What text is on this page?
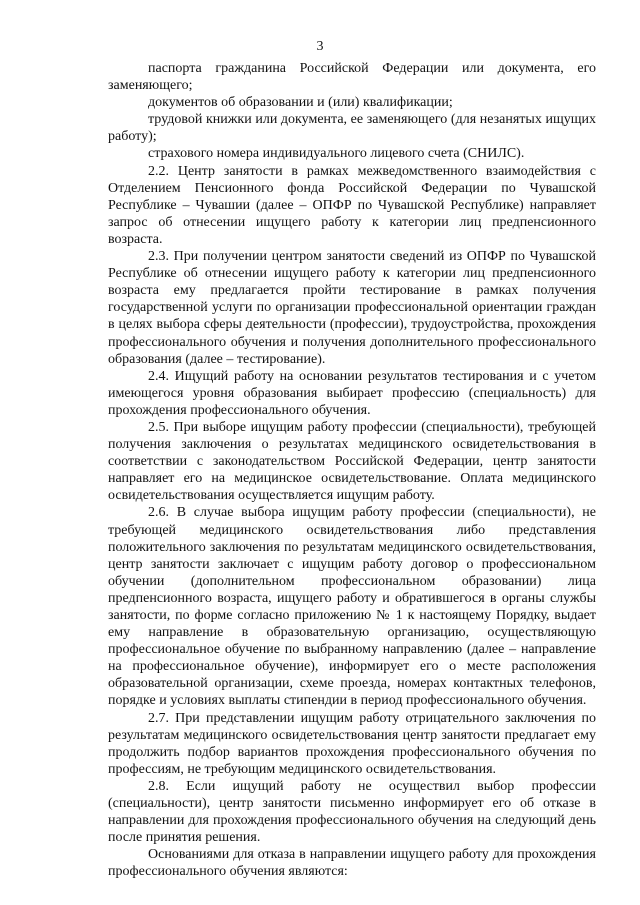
3

паспорта гражданина Российской Федерации или документа, его заменяющего;

документов об образовании и (или) квалификации;

трудовой книжки или документа, ее заменяющего (для незанятых ищущих работу);

страхового номера индивидуального лицевого счета (СНИЛС).

2.2. Центр занятости в рамках межведомственного взаимодействия с Отделением Пенсионного фонда Российской Федерации по Чувашской Республике – Чувашии (далее – ОПФР по Чувашской Республике) направляет запрос об отнесении ищущего работу к категории лиц предпенсионного возраста.

2.3. При получении центром занятости сведений из ОПФР по Чувашской Республике об отнесении ищущего работу к категории лиц предпенсионного возраста ему предлагается пройти тестирование в рамках получения государственной услуги по организации профессиональной ориентации граждан в целях выбора сферы деятельности (профессии), трудоустройства, прохождения профессионального обучения и получения дополнительного профессионального образования (далее – тестирование).

2.4. Ищущий работу на основании результатов тестирования и с учетом имеющегося уровня образования выбирает профессию (специальность) для прохождения профессионального обучения.

2.5. При выборе ищущим работу профессии (специальности), требующей получения заключения о результатах медицинского освидетельствования в соответствии с законодательством Российской Федерации, центр занятости направляет его на медицинское освидетельствование. Оплата медицинского освидетельствования осуществляется ищущим работу.

2.6. В случае выбора ищущим работу профессии (специальности), не требующей медицинского освидетельствования либо представления положительного заключения по результатам медицинского освидетельствования, центр занятости заключает с ищущим работу договор о профессиональном обучении (дополнительном профессиональном образовании) лица предпенсионного возраста, ищущего работу и обратившегося в органы службы занятости, по форме согласно приложению № 1 к настоящему Порядку, выдает ему направление в образовательную организацию, осуществляющую профессиональное обучение по выбранному направлению (далее – направление на профессиональное обучение), информирует его о месте расположения образовательной организации, схеме проезда, номерах контактных телефонов, порядке и условиях выплаты стипендии в период профессионального обучения.

2.7. При представлении ищущим работу отрицательного заключения по результатам медицинского освидетельствования центр занятости предлагает ему продолжить подбор вариантов прохождения профессионального обучения по профессиям, не требующим медицинского освидетельствования.

2.8. Если ищущий работу не осуществил выбор профессии (специальности), центр занятости письменно информирует его об отказе в направлении для прохождения профессионального обучения на следующий день после принятия решения.

Основаниями для отказа в направлении ищущего работу для прохождения профессионального обучения являются:
